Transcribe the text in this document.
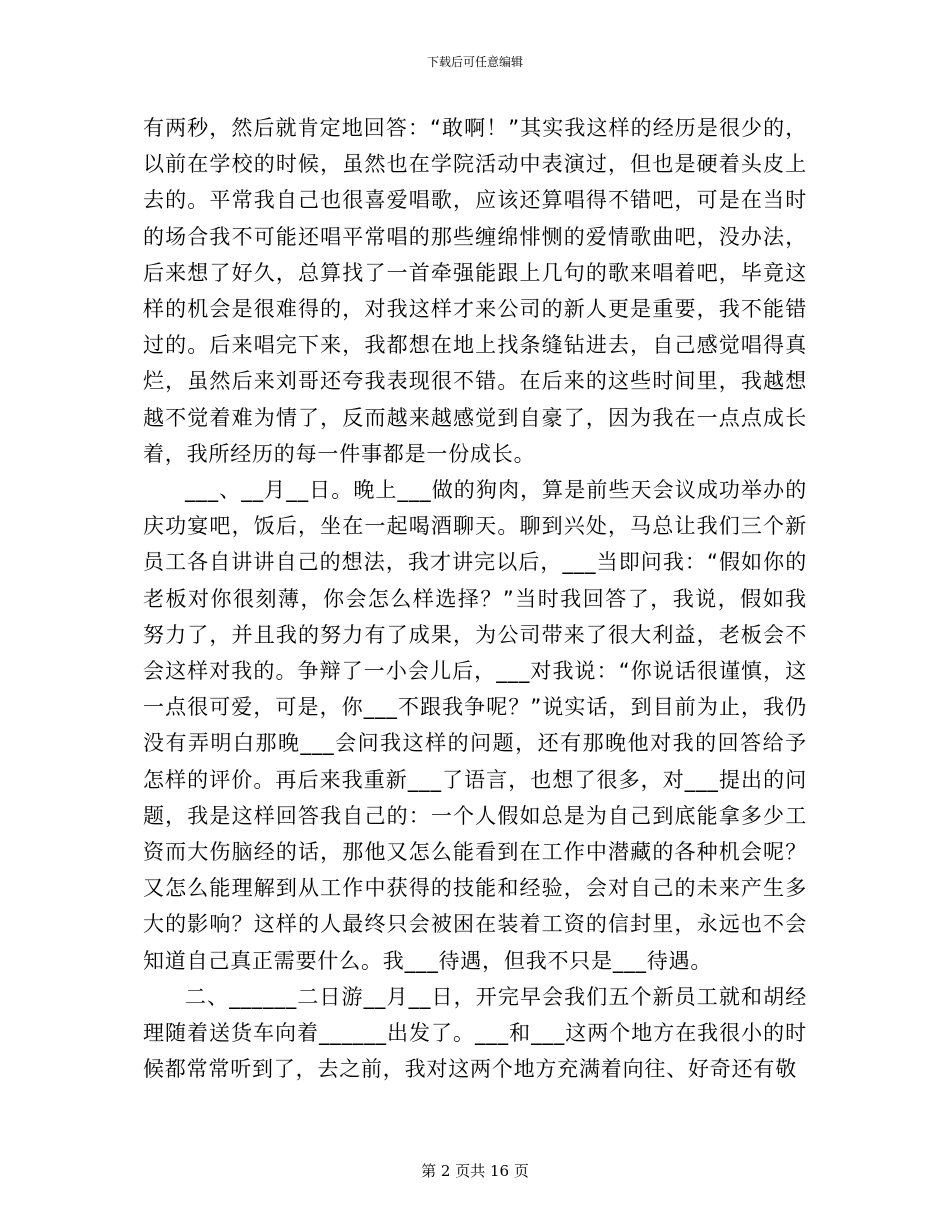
下载后可任意编辑

有两秒，然后就肯定地回答：“敢啊！”其实我这样的经历是很少的，以前在学校的时候，虽然也在学院活动中表演过，但也是硬着头皮上去的。平常我自己也很喜爱唱歌，应该还算唱得不错吧，可是在当时的场合我不可能还唱平常唱的那些缠绵悱恻的爱情歌曲吧，没办法，后来想了好久，总算找了一首牵强能跟上几句的歌来唱着吧，毕竟这样的机会是很难得的，对我这样才来公司的新人更是重要，我不能错过的。后来唱完下来，我都想在地上找条缝钻进去，自己感觉唱得真烂，虽然后来刘哥还夸我表现很不错。在后来的这些时间里，我越想越不觉着难为情了，反而越来越感觉到自豪了，因为我在一点点成长着，我所经历的每一件事都是一份成长。

___、__月__日。晚上___做的狗肉，算是前些天会议成功举办的庆功宴吧，饭后，坐在一起喝酒聊天。聊到兴处，马总让我们三个新员工各自讲讲自己的想法，我才讲完以后，___当即问我：“假如你的老板对你很刻薄，你会怎么样选择？”当时我回答了，我说，假如我努力了，并且我的努力有了成果，为公司带来了很大利益，老板会不会这样对我的。争辩了一小会儿后，___对我说：“你说话很谨慎，这一点很可爱，可是，你___不跟我争呢？”说实话，到目前为止，我仍没有弄明白那晚___会问我这样的问题，还有那晚他对我的回答给予怎样的评价。再后来我重新___了语言，也想了很多，对___提出的问题，我是这样回答我自己的：一个人假如总是为自己到底能拿多少工资而大伤脑经的话，那他又怎么能看到在工作中潜藏的各种机会呢？又怎么能理解到从工作中获得的技能和经验，会对自己的未来产生多大的影响？这样的人最终只会被困在装着工资的信封里，永远也不会知道自己真正需要什么。我___待遇，但我不只是___待遇。

二、______二日游__月__日，开完早会我们五个新员工就和胡经理随着送货车向着______出发了。___和___这两个地方在我很小的时候都常常听到了，去之前，我对这两个地方充满着向往、好奇还有敬

第 2 页共 16 页
